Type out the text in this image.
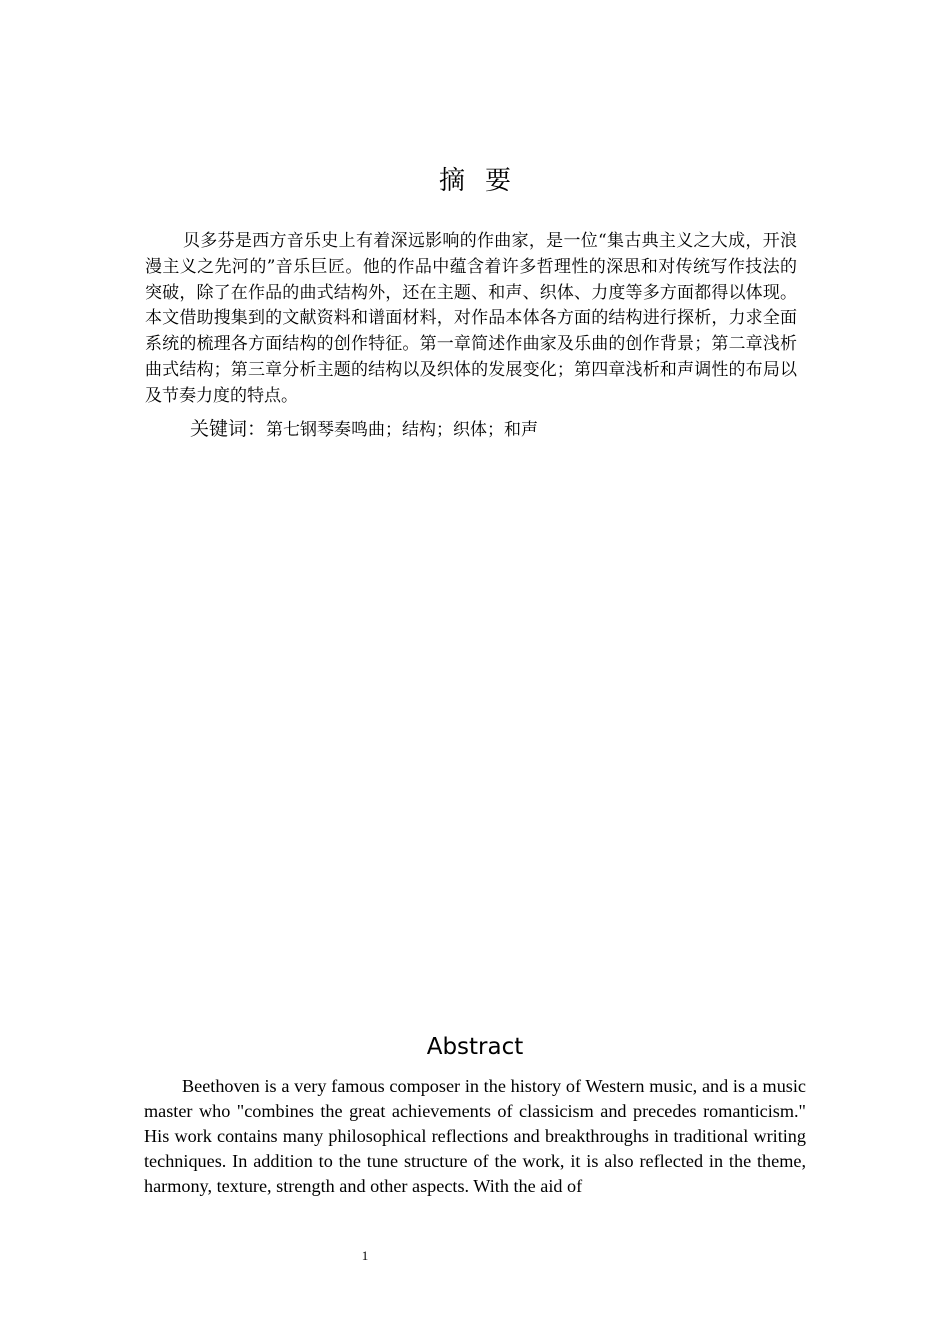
摘要

贝多芬是西方音乐史上有着深远影响的作曲家，是一位“集古典主义之大成，开浪漫主义之先河的”音乐巨匠。他的作品中蕴含着许多哲理性的深思和对传统写作技法的突破，除了在作品的曲式结构外，还在主题、和声、织体、力度等多方面都得以体现。本文借助搜集到的文献资料和谱面材料，对作品本体各方面的结构进行探析，力求全面系统的梳理各方面结构的创作特征。第一章简述作曲家及乐曲的创作背景；第二章浅析曲式结构；第三章分析主题的结构以及织体的发展变化；第四章浅析和声调性的布局以及节奏力度的特点。

关键词：第七钢琴奏鸣曲；结构；织体；和声

Abstract

Beethoven is a very famous composer in the history of Western music, and is a music master who "combines the great achievements of classicism and precedes romanticism." His work contains many philosophical reflections and breakthroughs in traditional writing techniques. In addition to the tune structure of the work, it is also reflected in the theme, harmony, texture, strength and other aspects. With the aid of

1
